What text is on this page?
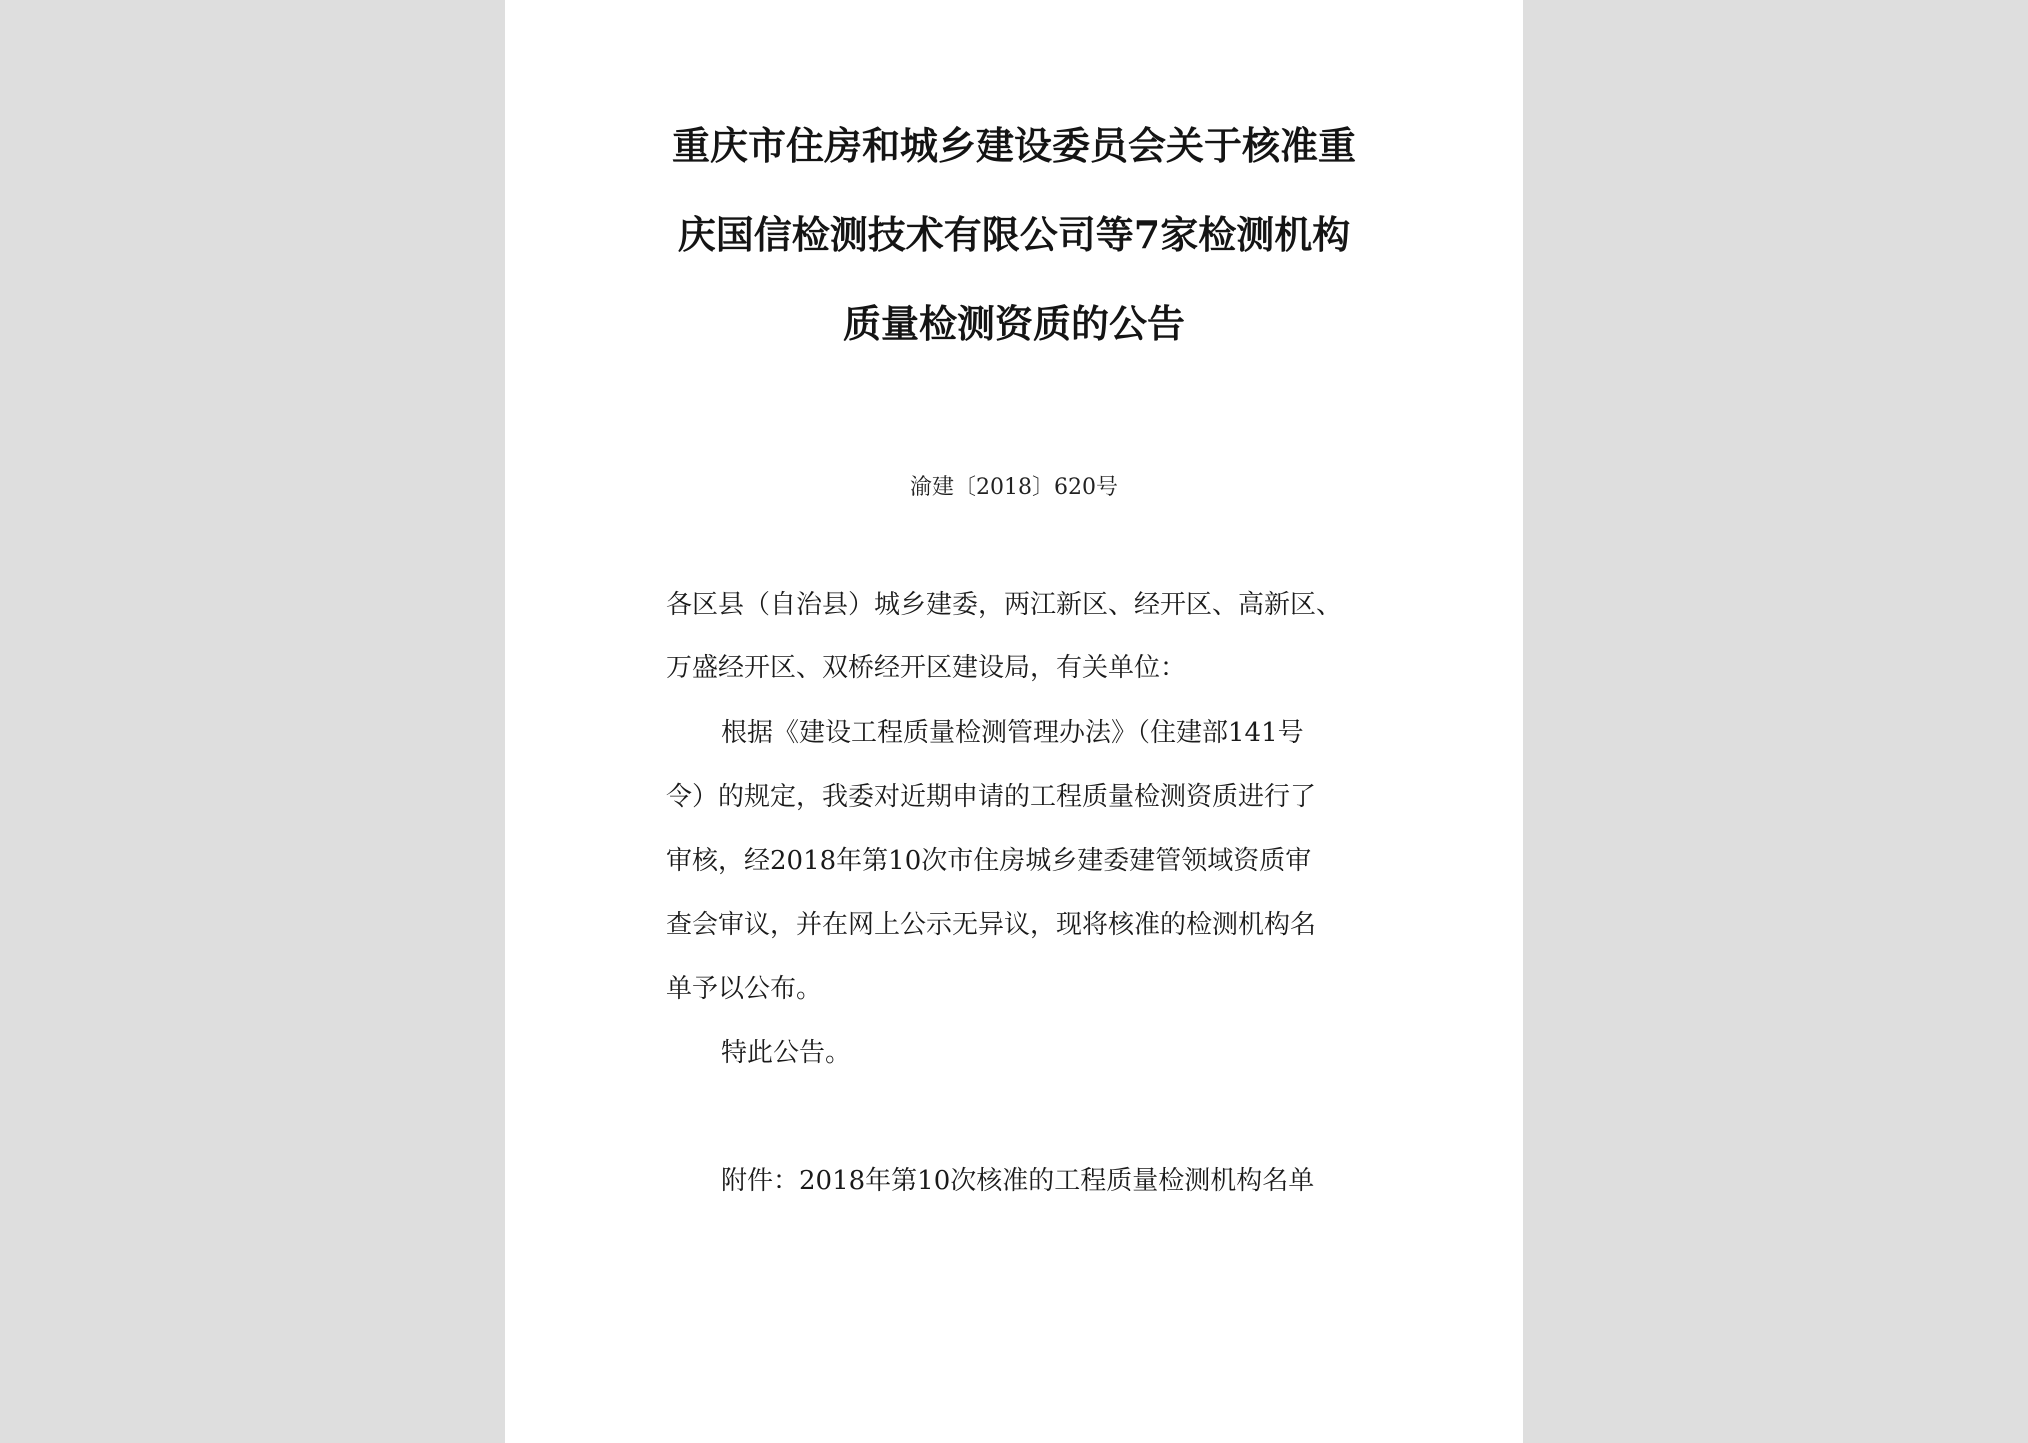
重庆市住房和城乡建设委员会关于核准重
庆国信检测技术有限公司等7家检测机构
质量检测资质的公告
渝建〔2018〕620号
各区县（自治县）城乡建委，两江新区、经开区、高新区、
万盛经开区、双桥经开区建设局，有关单位：
根据《建设工程质量检测管理办法》（住建部141号
令）的规定，我委对近期申请的工程质量检测资质进行了
审核，经2018年第10次市住房城乡建委建管领域资质审
查会审议，并在网上公示无异议，现将核准的检测机构名
单予以公布。
特此公告。
附件：2018年第10次核准的工程质量检测机构名单
